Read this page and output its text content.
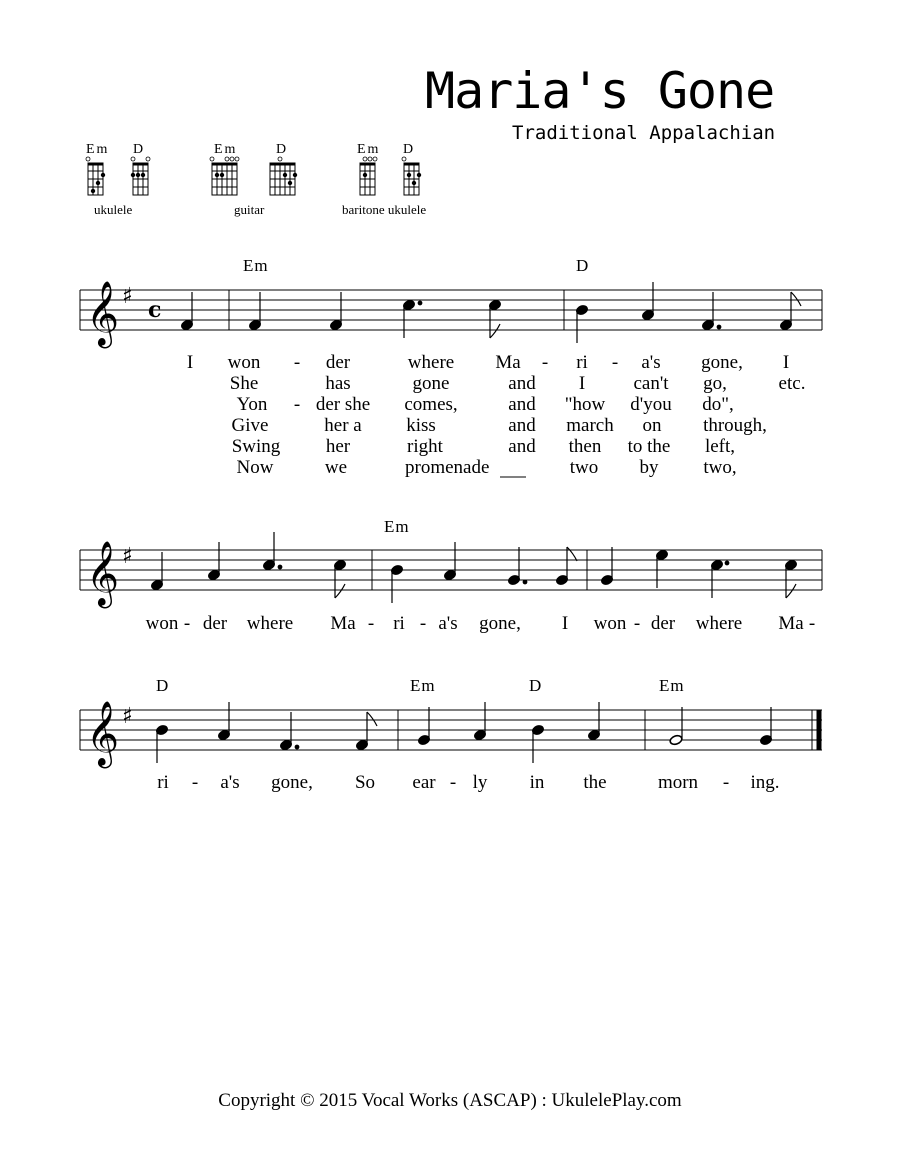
Maria's Gone
Traditional Appalachian
Em D	Em	D	Em D
ukulele	guitar	baritone ukulele
Em	D
𝄞 ♯
c
I won - der	where Ma - ri - a's gone, I
She	has	gone	and I	can't go,	etc.
Yon - der she comes,	and "how d'you do",
Give	her a kiss	and march on through,
Swing her	right	and then to the left,
Now	we	promenade	two by two,
Em
𝄞 ♯
won - der where Ma - ri - a's gone, I won - der where Ma -
D	Em	D	Em
𝄞 ♯
ri - a's gone, So ear - ly in the	morn - ing.
Copyright © 2015 Vocal Works (ASCAP) : UkulelePlay.com
